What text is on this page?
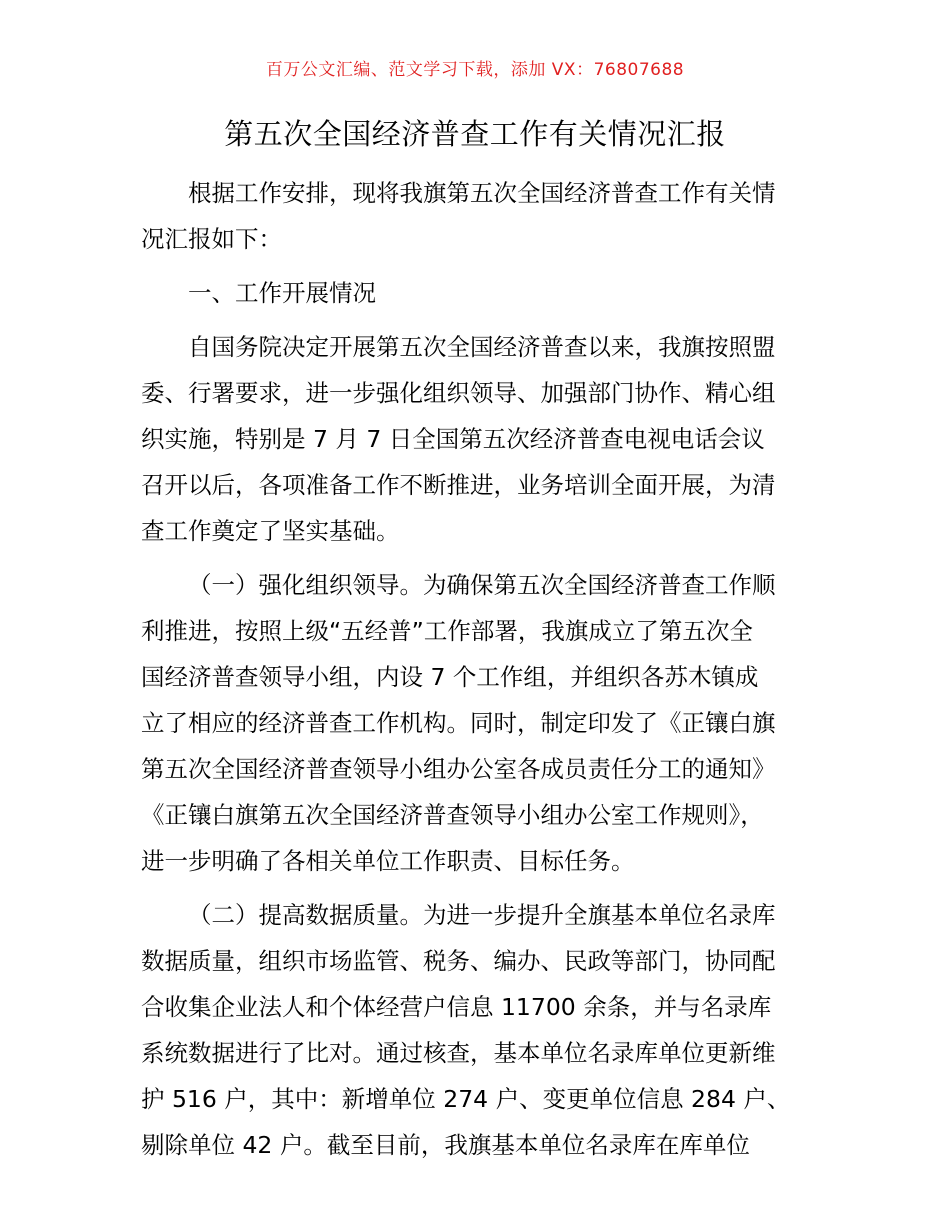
百万公文汇编、范文学习下载，添加 VX：76807688
第五次全国经济普查工作有关情况汇报
根据工作安排，现将我旗第五次全国经济普查工作有关情
况汇报如下：
一、工作开展情况
自国务院决定开展第五次全国经济普查以来，我旗按照盟
委、行署要求，进一步强化组织领导、加强部门协作、精心组
织实施，特别是 7 月 7 日全国第五次经济普查电视电话会议
召开以后，各项准备工作不断推进，业务培训全面开展，为清
查工作奠定了坚实基础。
（一）强化组织领导。为确保第五次全国经济普查工作顺
利推进，按照上级“五经普”工作部署，我旗成立了第五次全
国经济普查领导小组，内设 7 个工作组，并组织各苏木镇成
立了相应的经济普查工作机构。同时，制定印发了《正镶白旗
第五次全国经济普查领导小组办公室各成员责任分工的通知》
《正镶白旗第五次全国经济普查领导小组办公室工作规则》，
进一步明确了各相关单位工作职责、目标任务。
（二）提高数据质量。为进一步提升全旗基本单位名录库
数据质量，组织市场监管、税务、编办、民政等部门，协同配
合收集企业法人和个体经营户信息 11700 余条，并与名录库
系统数据进行了比对。通过核查，基本单位名录库单位更新维
护 516 户，其中：新增单位 274 户、变更单位信息 284 户、
剔除单位 42 户。截至目前，我旗基本单位名录库在库单位
